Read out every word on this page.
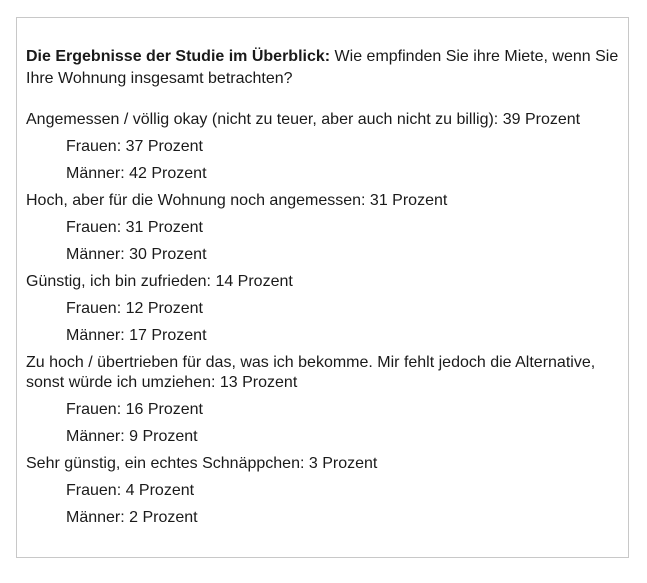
Die Ergebnisse der Studie im Überblick: Wie empfinden Sie ihre Miete, wenn Sie Ihre Wohnung insgesamt betrachten?

Angemessen / völlig okay (nicht zu teuer, aber auch nicht zu billig): 39 Prozent
Frauen: 37 Prozent
Männer: 42 Prozent
Hoch, aber für die Wohnung noch angemessen: 31 Prozent
Frauen: 31 Prozent
Männer: 30 Prozent
Günstig, ich bin zufrieden: 14 Prozent
Frauen: 12 Prozent
Männer: 17 Prozent
Zu hoch / übertrieben für das, was ich bekomme. Mir fehlt jedoch die Alternative, sonst würde ich umziehen: 13 Prozent
Frauen: 16 Prozent
Männer: 9 Prozent
Sehr günstig, ein echtes Schnäppchen: 3 Prozent
Frauen: 4 Prozent
Männer: 2 Prozent
